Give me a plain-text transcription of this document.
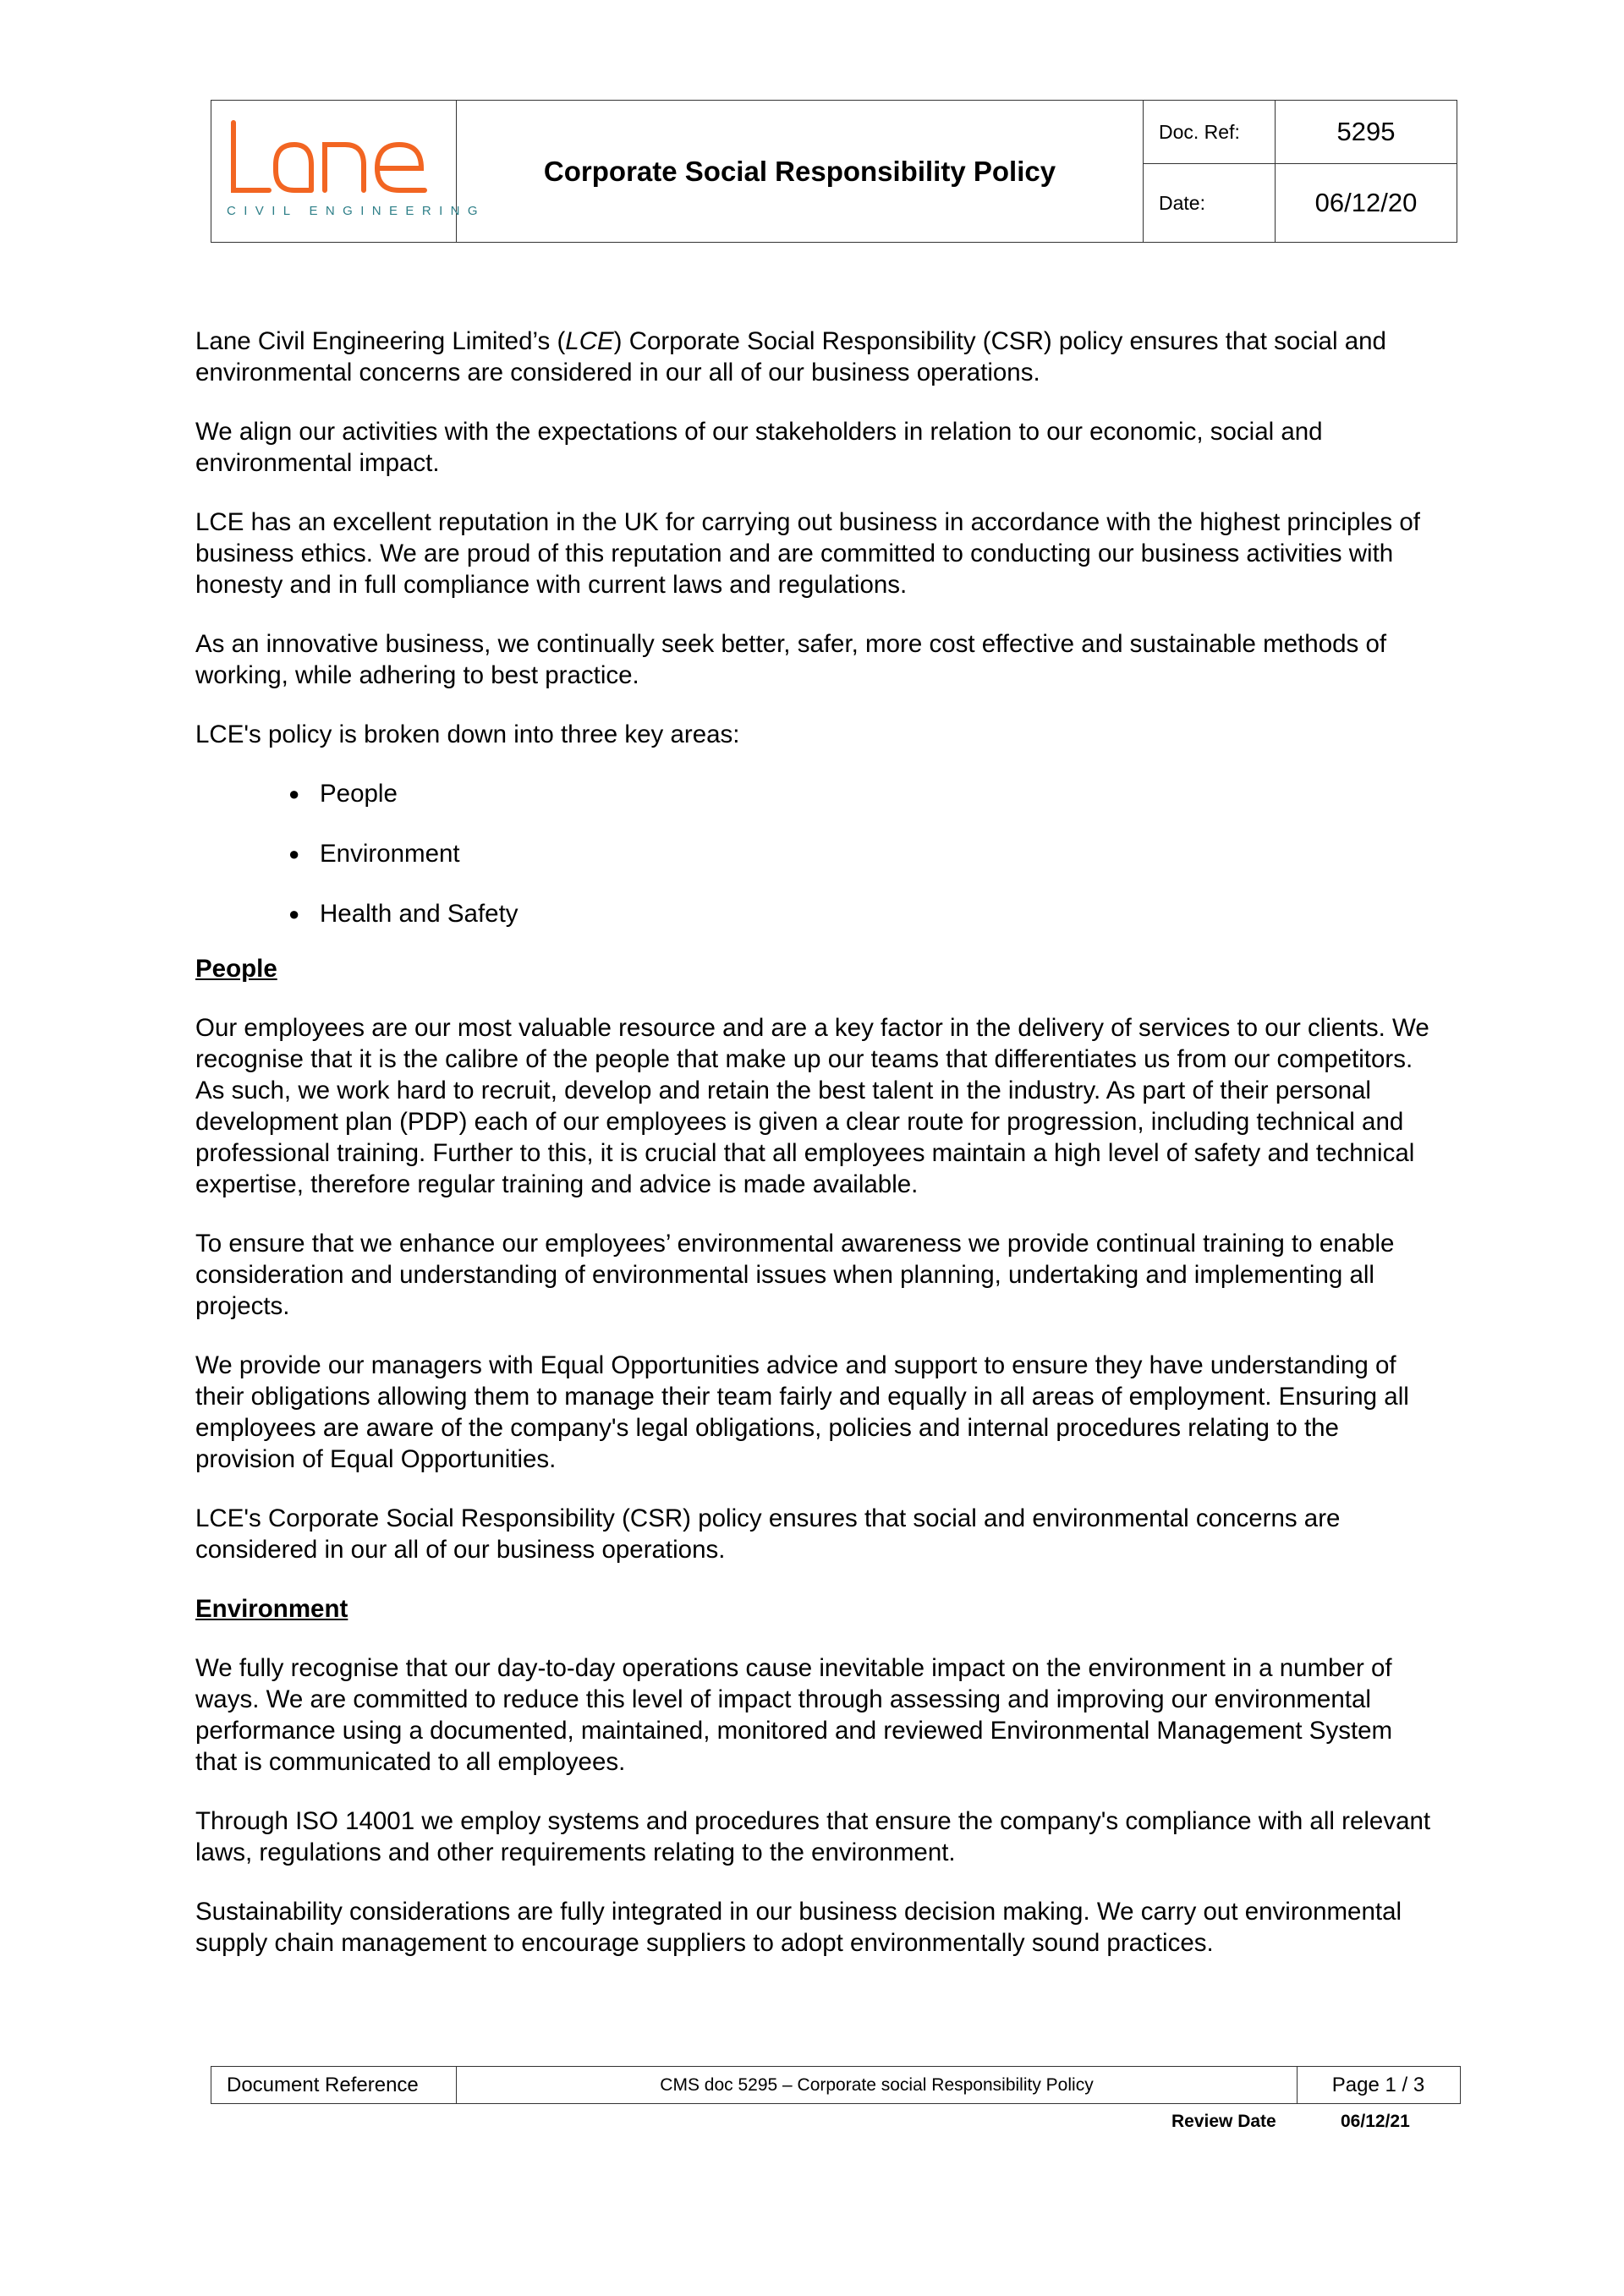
CIVIL ENGINEERING
Corporate Social Responsibility Policy
Doc. Ref:	5295
Date:	06/12/20

Lane Civil Engineering Limited’s (LCE) Corporate Social Responsibility (CSR) policy ensures that social and environmental concerns are considered in our all of our business operations.

We align our activities with the expectations of our stakeholders in relation to our economic, social and environmental impact.

LCE has an excellent reputation in the UK for carrying out business in accordance with the highest principles of business ethics. We are proud of this reputation and are committed to conducting our business activities with honesty and in full compliance with current laws and regulations.

As an innovative business, we continually seek better, safer, more cost effective and sustainable methods of working, while adhering to best practice.

LCE's policy is broken down into three key areas:

● People
● Environment
● Health and Safety
People

Our employees are our most valuable resource and are a key factor in the delivery of services to our clients. We recognise that it is the calibre of the people that make up our teams that differentiates us from our competitors. As such, we work hard to recruit, develop and retain the best talent in the industry. As part of their personal development plan (PDP) each of our employees is given a clear route for progression, including technical and professional training. Further to this, it is crucial that all employees maintain a high level of safety and technical expertise, therefore regular training and advice is made available.

To ensure that we enhance our employees’ environmental awareness we provide continual training to enable consideration and understanding of environmental issues when planning, undertaking and implementing all projects.

We provide our managers with Equal Opportunities advice and support to ensure they have understanding of their obligations allowing them to manage their team fairly and equally in all areas of employment. Ensuring all employees are aware of the company's legal obligations, policies and internal procedures relating to the provision of Equal Opportunities.

LCE's Corporate Social Responsibility (CSR) policy ensures that social and environmental concerns are considered in our all of our business operations.

Environment

We fully recognise that our day-to-day operations cause inevitable impact on the environment in a number of ways. We are committed to reduce this level of impact through assessing and improving our environmental performance using a documented, maintained, monitored and reviewed Environmental Management System that is communicated to all employees.

Through ISO 14001 we employ systems and procedures that ensure the company's compliance with all relevant laws, regulations and other requirements relating to the environment.

Sustainability considerations are fully integrated in our business decision making. We carry out environmental supply chain management to encourage suppliers to adopt environmentally sound practices.

Document Reference	CMS doc 5295 – Corporate social Responsibility Policy	Page 1 / 3
Review Date	06/12/21
